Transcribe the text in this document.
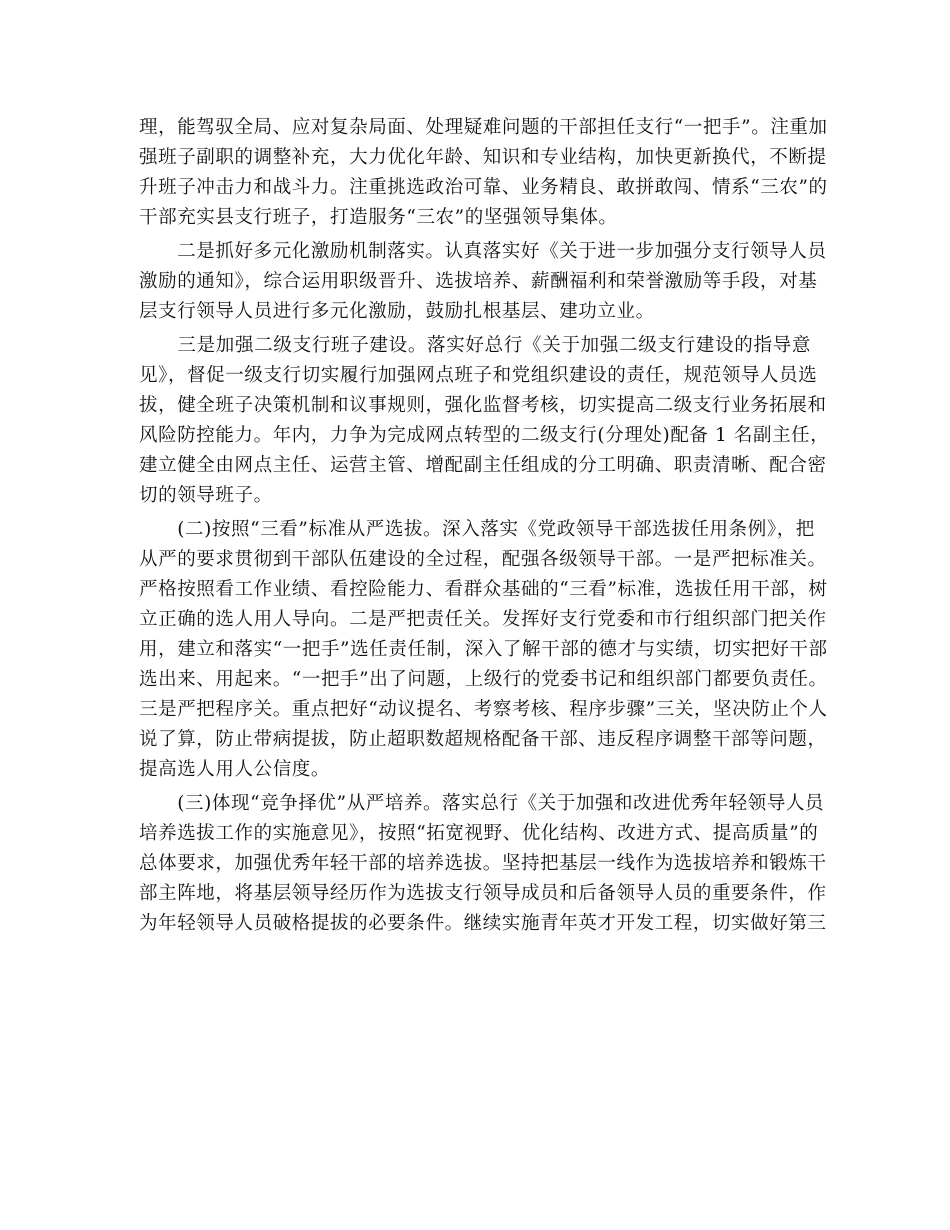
理，能驾驭全局、应对复杂局面、处理疑难问题的干部担任支行“一把手”。注重加
强班子副职的调整补充，大力优化年龄、知识和专业结构，加快更新换代，不断提
升班子冲击力和战斗力。注重挑选政治可靠、业务精良、敢拼敢闯、情系“三农”的
干部充实县支行班子，打造服务“三农”的坚强领导集体。

　　二是抓好多元化激励机制落实。认真落实好《关于进一步加强分支行领导人员
激励的通知》，综合运用职级晋升、选拔培养、薪酬福利和荣誉激励等手段，对基
层支行领导人员进行多元化激励，鼓励扎根基层、建功立业。

　　三是加强二级支行班子建设。落实好总行《关于加强二级支行建设的指导意
见》，督促一级支行切实履行加强网点班子和党组织建设的责任，规范领导人员选
拔，健全班子决策机制和议事规则，强化监督考核，切实提高二级支行业务拓展和
风险防控能力。年内，力争为完成网点转型的二级支行(分理处)配备 1 名副主任，
建立健全由网点主任、运营主管、增配副主任组成的分工明确、职责清晰、配合密
切的领导班子。

　　(二)按照“三看”标准从严选拔。深入落实《党政领导干部选拔任用条例》，把
从严的要求贯彻到干部队伍建设的全过程，配强各级领导干部。一是严把标准关。
严格按照看工作业绩、看控险能力、看群众基础的“三看”标准，选拔任用干部，树
立正确的选人用人导向。二是严把责任关。发挥好支行党委和市行组织部门把关作
用，建立和落实“一把手”选任责任制，深入了解干部的德才与实绩，切实把好干部
选出来、用起来。“一把手”出了问题，上级行的党委书记和组织部门都要负责任。
三是严把程序关。重点把好“动议提名、考察考核、程序步骤”三关，坚决防止个人
说了算，防止带病提拔，防止超职数超规格配备干部、违反程序调整干部等问题，
提高选人用人公信度。

　　(三)体现“竞争择优”从严培养。落实总行《关于加强和改进优秀年轻领导人员
培养选拔工作的实施意见》，按照“拓宽视野、优化结构、改进方式、提高质量”的
总体要求，加强优秀年轻干部的培养选拔。坚持把基层一线作为选拔培养和锻炼干
部主阵地，将基层领导经历作为选拔支行领导成员和后备领导人员的重要条件，作
为年轻领导人员破格提拔的必要条件。继续实施青年英才开发工程，切实做好第三
